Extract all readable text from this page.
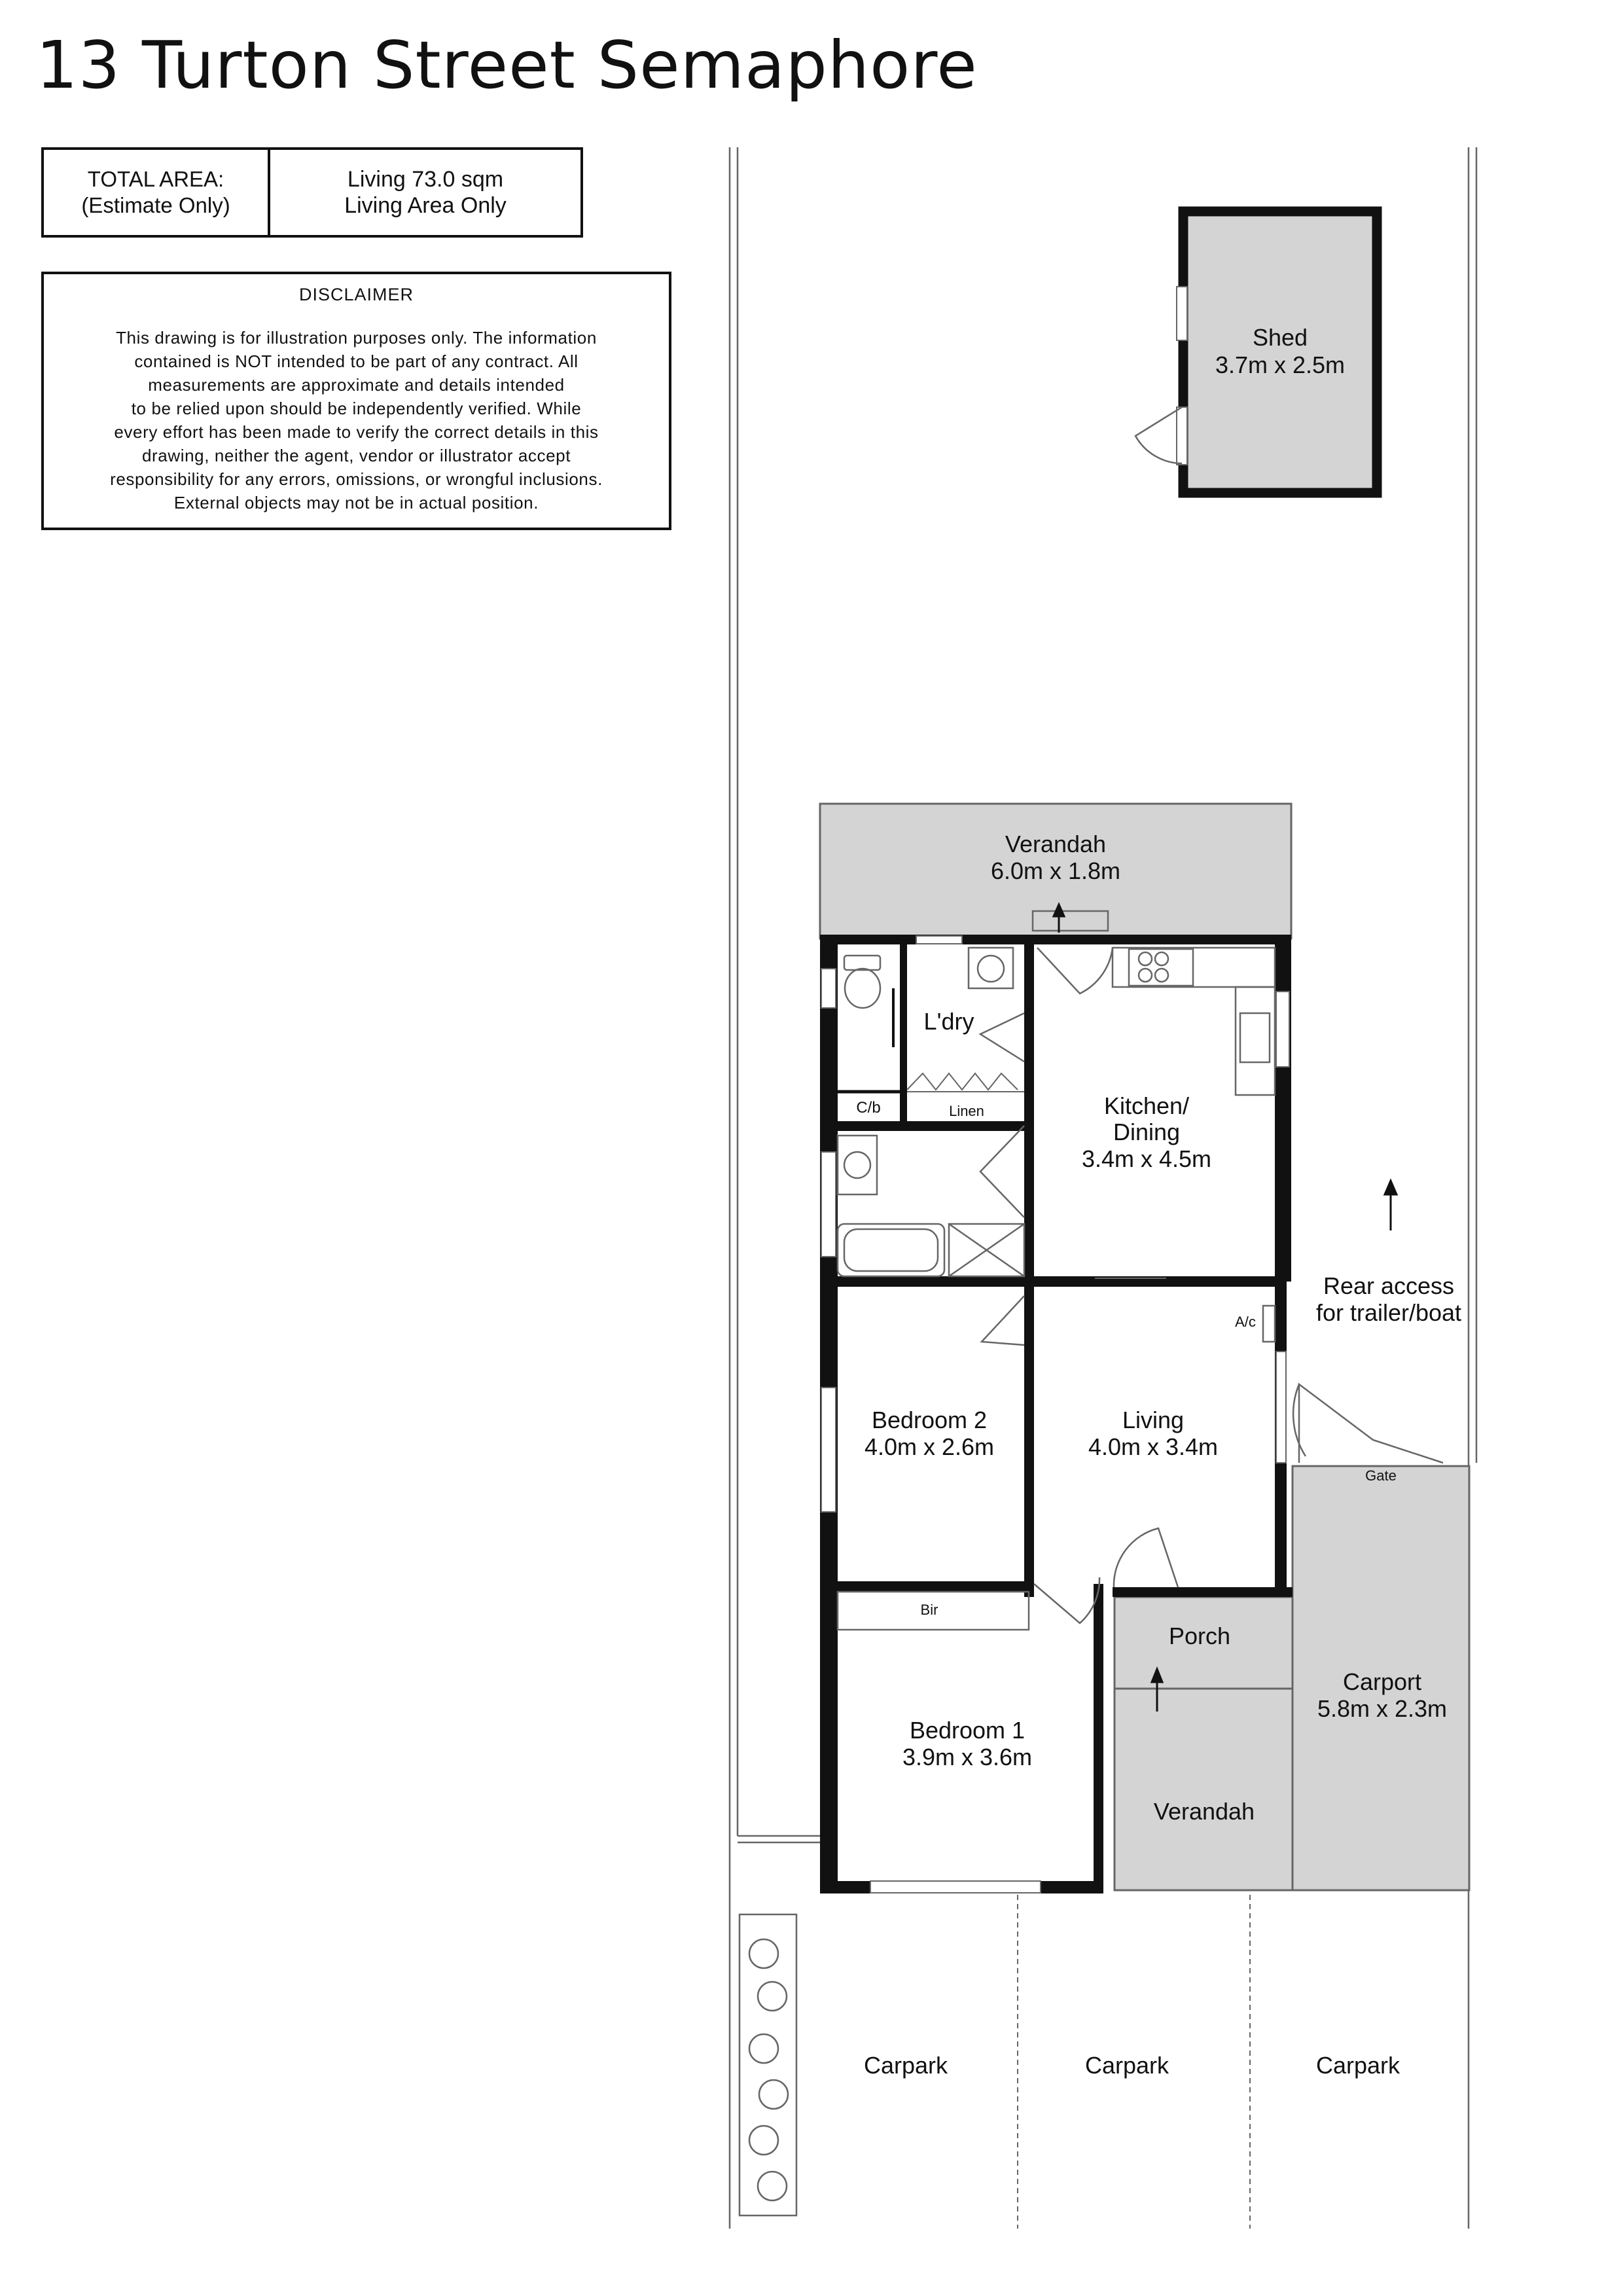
13 Turton Street Semaphore
TOTAL AREA:
(Estimate Only)
Living 73.0 sqm
Living Area Only
DISCLAIMER
This drawing is for illustration purposes only. The information
contained is NOT intended to be part of any contract. All
measurements are approximate and details intended
to be relied upon should be independently verified. While
every effort has been made to verify the correct details in this
drawing, neither the agent, vendor or illustrator accept
responsibility for any errors, omissions, or wrongful inclusions.
External objects may not be in actual position.
Shed
3.7m x 2.5m
Verandah
6.0m x 1.8m
L'dry
C/b	Linen	Kitchen/
Dining
3.4m x 4.5m
A/c
Bedroom 2
4.0m x 2.6m
Living
4.0m x 3.4m
Bir
Porch
Bedroom 1
3.9m x 3.6m
Verandah
Carport
5.8m x 2.3m
Gate
Rear access
for trailer/boat
Carpark	Carpark	Carpark
